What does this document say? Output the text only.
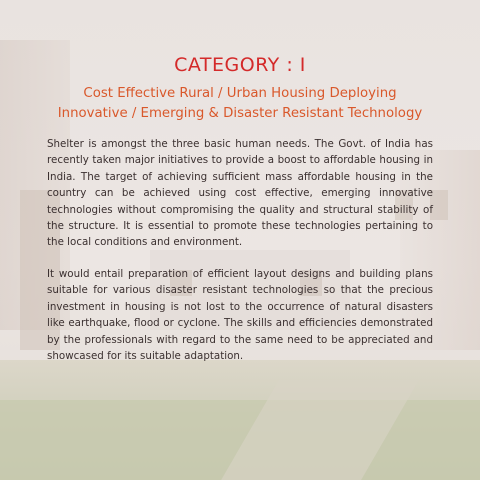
CATEGORY : I
Cost Effective Rural / Urban Housing Deploying
Innovative / Emerging & Disaster Resistant Technology

Shelter is amongst the three basic human needs. The Govt. of India has recently taken major initiatives to provide a boost to affordable housing in India. The target of achieving sufficient mass affordable housing in the country can be achieved using cost effective, emerging innovative technologies without compromising the quality and structural stability of the structure. It is essential to promote these technologies pertaining to the local conditions and environment.

It would entail preparation of efficient layout designs and building plans suitable for various disaster resistant technologies so that the precious investment in housing is not lost to the occurrence of natural disasters like earthquake, flood or cyclone. The skills and efficiencies demonstrated by the professionals with regard to the same need to be appreciated and showcased for its suitable adaptation.
